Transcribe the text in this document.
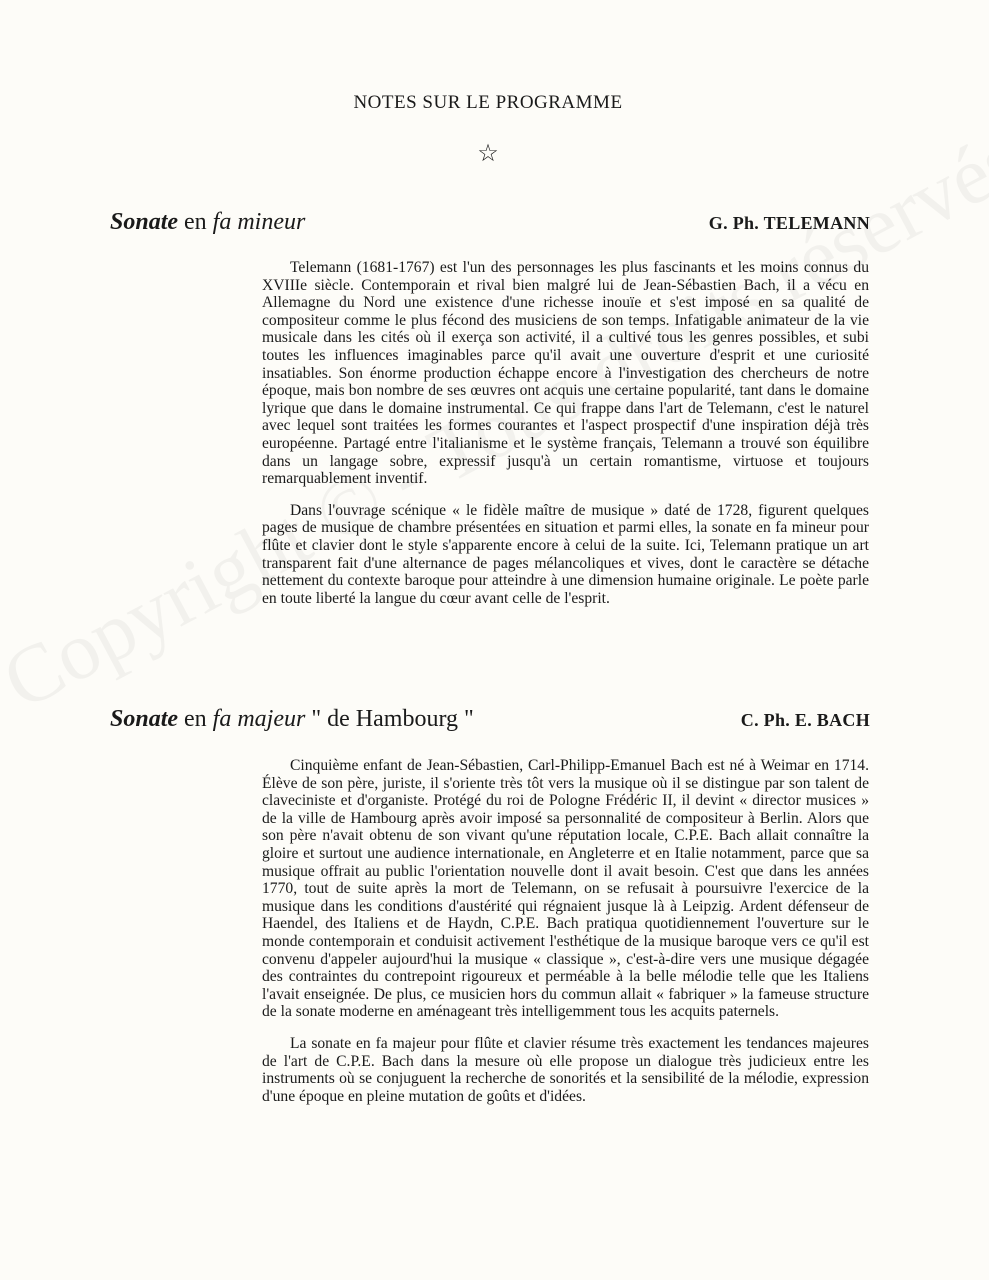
NOTES SUR LE PROGRAMME
☆
Sonate en fa mineur	G. Ph. TELEMANN

Telemann (1681-1767) est l'un des personnages les plus fascinants et les moins connus du XVIIIe siècle. Contemporain et rival bien malgré lui de Jean-Sébastien Bach, il a vécu en Allemagne du Nord une existence d'une richesse inouïe et s'est imposé en sa qualité de compositeur comme le plus fécond des musiciens de son temps. Infatigable animateur de la vie musicale dans les cités où il exerça son activité, il a cultivé tous les genres possibles, et subi toutes les influences imaginables parce qu'il avait une ouverture d'esprit et une curiosité insatiables. Son énorme production échappe encore à l'investigation des chercheurs de notre époque, mais bon nombre de ses œuvres ont acquis une certaine popularité, tant dans le domaine lyrique que dans le domaine instrumental. Ce qui frappe dans l'art de Telemann, c'est le naturel avec lequel sont traitées les formes courantes et l'aspect prospectif d'une inspiration déjà très européenne. Partagé entre l'italianisme et le système français, Telemann a trouvé son équilibre dans un langage sobre, expressif jusqu'à un certain romantisme, virtuose et toujours remarquablement inventif.

Dans l'ouvrage scénique « le fidèle maître de musique » daté de 1728, figurent quelques pages de musique de chambre présentées en situation et parmi elles, la sonate en fa mineur pour flûte et clavier dont le style s'apparente encore à celui de la suite. Ici, Telemann pratique un art transparent fait d'une alternance de pages mélancoliques et vives, dont le caractère se détache nettement du contexte baroque pour atteindre à une dimension humaine originale. Le poète parle en toute liberté la langue du cœur avant celle de l'esprit.

Sonate en fa majeur " de Hambourg "	C. Ph. E. BACH

Cinquième enfant de Jean-Sébastien, Carl-Philipp-Emanuel Bach est né à Weimar en 1714. Élève de son père, juriste, il s'oriente très tôt vers la musique où il se distingue par son talent de claveciniste et d'organiste. Protégé du roi de Pologne Frédéric II, il devint « director musices » de la ville de Hambourg après avoir imposé sa personnalité de compositeur à Berlin. Alors que son père n'avait obtenu de son vivant qu'une réputation locale, C.P.E. Bach allait connaître la gloire et surtout une audience internationale, en Angleterre et en Italie notamment, parce que sa musique offrait au public l'orientation nouvelle dont il avait besoin. C'est que dans les années 1770, tout de suite après la mort de Telemann, on se refusait à poursuivre l'exercice de la musique dans les conditions d'austérité qui régnaient jusque là à Leipzig. Ardent défenseur de Haendel, des Italiens et de Haydn, C.P.E. Bach pratiqua quotidiennement l'ouverture sur le monde contemporain et conduisit activement l'esthétique de la musique baroque vers ce qu'il est convenu d'appeler aujourd'hui la musique « classique », c'est-à-dire vers une musique dégagée des contraintes du contrepoint rigoureux et perméable à la belle mélodie telle que les Italiens l'avait enseignée. De plus, ce musicien hors du commun allait « fabriquer » la fameuse structure de la sonate moderne en aménageant très intelligemment tous les acquits paternels.

La sonate en fa majeur pour flûte et clavier résume très exactement les tendances majeures de l'art de C.P.E. Bach dans la mesure où elle propose un dialogue très judicieux entre les instruments où se conjuguent la recherche de sonorités et la sensibilité de la mélodie, expression d'une époque en pleine mutation de goûts et d'idées.
